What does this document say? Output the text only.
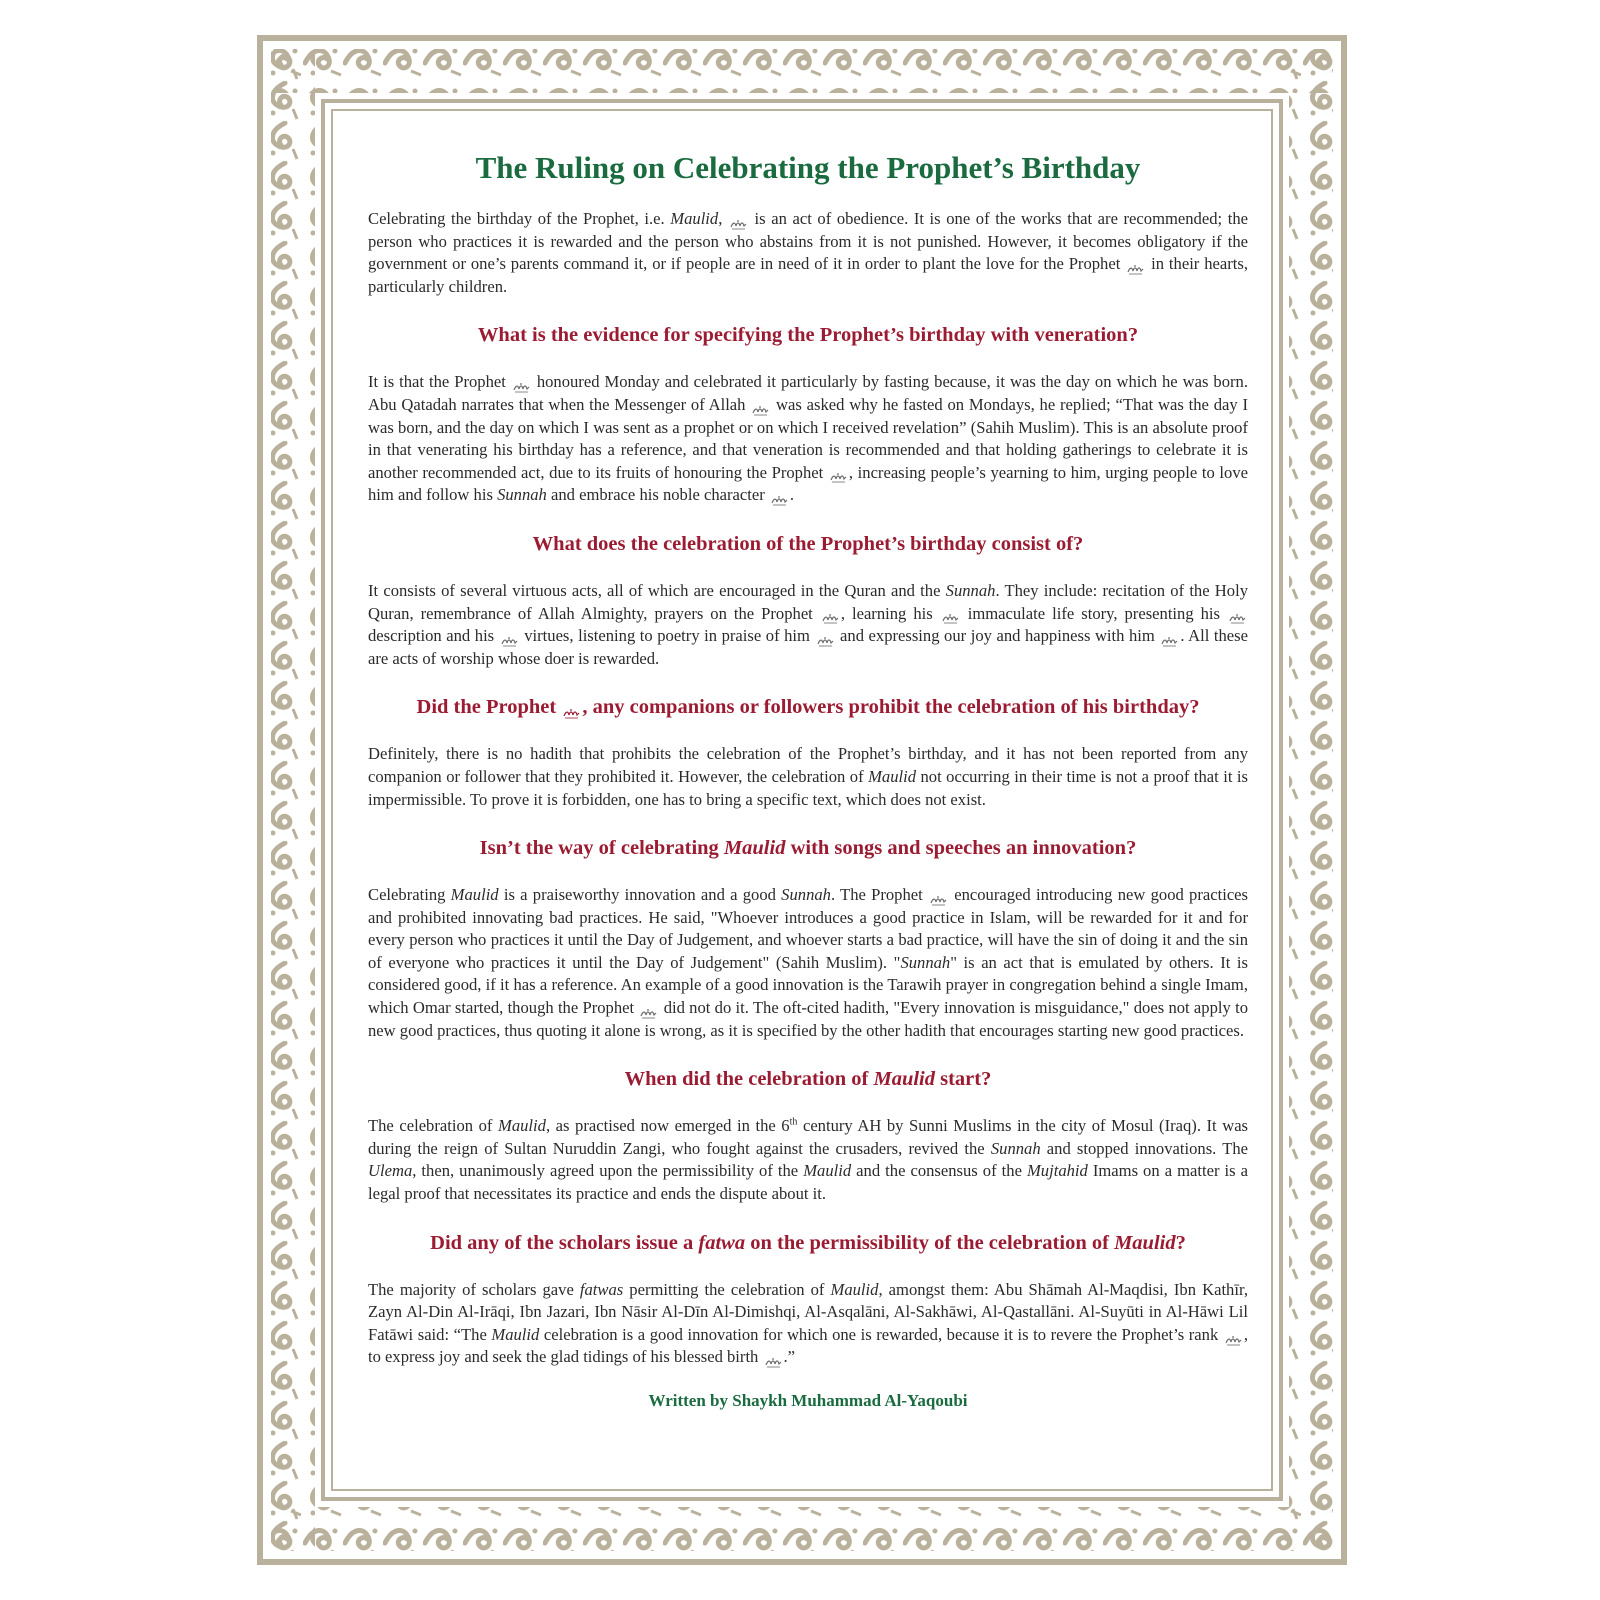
The Ruling on Celebrating the Prophet’s Birthday

Celebrating the birthday of the Prophet, i.e. Maulid,  is an act of obedience. It is one of the works that are recommended; the person who practices it is rewarded and the person who abstains from it is not punished. However, it becomes obligatory if the government or one’s parents command it, or if people are in need of it in order to plant the love for the Prophet  in their hearts, particularly children.

What is the evidence for specifying the Prophet’s birthday with veneration?

It is that the Prophet  honoured Monday and celebrated it particularly by fasting because, it was the day on which he was born. Abu Qatadah narrates that when the Messenger of Allah  was asked why he fasted on Mondays, he replied; “That was the day I was born, and the day on which I was sent as a prophet or on which I received revelation” (Sahih Muslim). This is an absolute proof in that venerating his birthday has a reference, and that veneration is recommended and that holding gatherings to celebrate it is another recommended act, due to its fruits of honouring the Prophet , increasing people’s yearning to him, urging people to love him and follow his Sunnah and embrace his noble character .

What does the celebration of the Prophet’s birthday consist of?

It consists of several virtuous acts, all of which are encouraged in the Quran and the Sunnah. They include: recitation of the Holy Quran, remembrance of Allah Almighty, prayers on the Prophet , learning his  immaculate life story, presenting his  description and his  virtues, listening to poetry in praise of him  and expressing our joy and happiness with him . All these are acts of worship whose doer is rewarded.

Did the Prophet , any companions or followers prohibit the celebration of his birthday?

Definitely, there is no hadith that prohibits the celebration of the Prophet’s birthday, and it has not been reported from any companion or follower that they prohibited it. However, the celebration of Maulid not occurring in their time is not a proof that it is impermissible. To prove it is forbidden, one has to bring a specific text, which does not exist.

Isn’t the way of celebrating Maulid with songs and speeches an innovation?

Celebrating Maulid is a praiseworthy innovation and a good Sunnah. The Prophet  encouraged introducing new good practices and prohibited innovating bad practices. He said, "Whoever introduces a good practice in Islam, will be rewarded for it and for every person who practices it until the Day of Judgement, and whoever starts a bad practice, will have the sin of doing it and the sin of everyone who practices it until the Day of Judgement" (Sahih Muslim). "Sunnah" is an act that is emulated by others. It is considered good, if it has a reference. An example of a good innovation is the Tarawih prayer in congregation behind a single Imam, which Omar started, though the Prophet  did not do it. The oft-cited hadith, "Every innovation is misguidance," does not apply to new good practices, thus quoting it alone is wrong, as it is specified by the other hadith that encourages starting new good practices.

When did the celebration of Maulid start?

The celebration of Maulid, as practised now emerged in the 6th century AH by Sunni Muslims in the city of Mosul (Iraq). It was during the reign of Sultan Nuruddin Zangi, who fought against the crusaders, revived the Sunnah and stopped innovations. The Ulema, then, unanimously agreed upon the permissibility of the Maulid and the consensus of the Mujtahid Imams on a matter is a legal proof that necessitates its practice and ends the dispute about it.

Did any of the scholars issue a fatwa on the permissibility of the celebration of Maulid?

The majority of scholars gave fatwas permitting the celebration of Maulid, amongst them: Abu Shāmah Al-Maqdisi, Ibn Kathīr, Zayn Al-Din Al-Irāqi, Ibn Jazari, Ibn Nāsir Al-Dīn Al-Dimishqi, Al-Asqalāni, Al-Sakhāwi, Al-Qastallāni. Al-Suyūti in Al-Hāwi Lil Fatāwi said: “The Maulid celebration is a good innovation for which one is rewarded, because it is to revere the Prophet’s rank , to express joy and seek the glad tidings of his blessed birth .”

Written by Shaykh Muhammad Al-Yaqoubi
